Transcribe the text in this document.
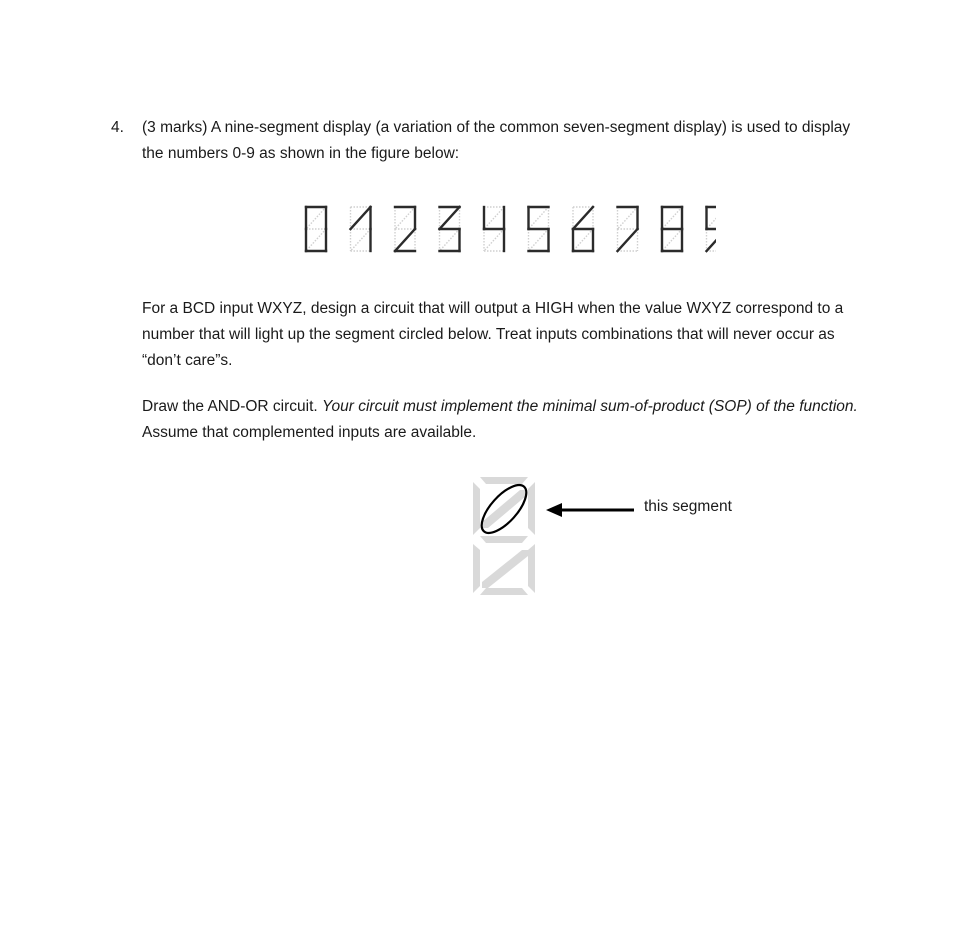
4. (3 marks) A nine-segment display (a variation of the common seven-segment display) is used to display the numbers 0-9 as shown in the figure below:

For a BCD input WXYZ, design a circuit that will output a HIGH when the value WXYZ correspond to a number that will light up the segment circled below. Treat inputs combinations that will never occur as “don’t care”s.

Draw the AND-OR circuit. Your circuit must implement the minimal sum-of-product (SOP) of the function. Assume that complemented inputs are available.

this segment
